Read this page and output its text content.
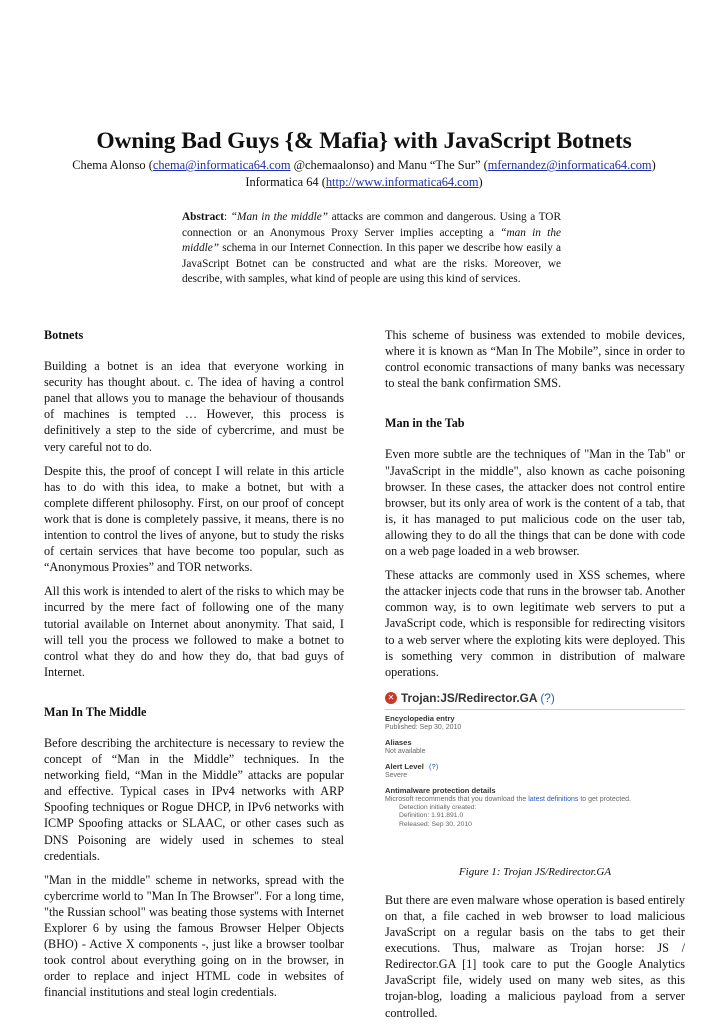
Owning Bad Guys {& Mafia} with JavaScript Botnets
Chema Alonso (chema@informatica64.com @chemaalonso) and Manu “The Sur” (mfernandez@informatica64.com)
Informatica 64 (http://www.informatica64.com)
Abstract: “Man in the middle” attacks are common and dangerous. Using a TOR connection or an Anonymous Proxy Server implies accepting a “man in the middle” schema in our Internet Connection. In this paper we describe how easily a JavaScript Botnet can be constructed and what are the risks. Moreover, we describe, with samples, what kind of people are using this kind of services.
Botnets

Building a botnet is an idea that everyone working in security has thought about. c. The idea of having a control panel that allows you to manage the behaviour of thousands of machines is tempted … However, this process is definitively a step to the side of cybercrime, and must be very careful not to do.

Despite this, the proof of concept I will relate in this article has to do with this idea, to make a botnet, but with a complete different philosophy. First, on our proof of concept work that is done is completely passive, it means, there is no intention to control the lives of anyone, but to study the risks of certain services that have become too popular, such as “Anonymous Proxies” and TOR networks.

All this work is intended to alert of the risks to which may be incurred by the mere fact of following one of the many tutorial available on Internet about anonymity. That said, I will tell you the process we followed to make a botnet to control what they do and how they do, that bad guys of Internet.

Man In The Middle

Before describing the architecture is necessary to review the concept of “Man in the Middle” techniques. In the networking field, “Man in the Middle” attacks are popular and effective. Typical cases in IPv4 networks with ARP Spoofing techniques or Rogue DHCP, in IPv6 networks with ICMP Spoofing attacks or SLAAC, or other cases such as DNS Poisoning are widely used in schemes to steal credentials.

"Man in the middle" scheme in networks, spread with the cybercrime world to "Man In The Browser". For a long time, "the Russian school" was beating those systems with Internet Explorer 6 by using the famous Browser Helper Objects (BHO) - Active X components -, just like a browser toolbar took control about everything going on in the browser, in order to replace and inject HTML code in websites of financial institutions and steal login credentials.

This scheme of business was extended to mobile devices, where it is known as “Man In The Mobile”, since in order to control economic transactions of many banks was necessary to steal the bank confirmation SMS.

Man in the Tab

Even more subtle are the techniques of "Man in the Tab" or "JavaScript in the middle", also known as cache poisoning browser. In these cases, the attacker does not control entire browser, but its only area of work is the content of a tab, that is, it has managed to put malicious code on the user tab, allowing they to do all the things that can be done with code on a web page loaded in a web browser.

These attacks are commonly used in XSS schemes, where the attacker injects code that runs in the browser tab. Another common way, is to own legitimate web servers to put a JavaScript code, which is responsible for redirecting visitors to a web server where the exploting kits were deployed. This is something very common in distribution of malware operations.

✕ Trojan:JS/Redirector.GA (?)
Encyclopedia entry
Published: Sep 30, 2010
Aliases
Not available
Alert Level (?)
Severe
Antimalware protection details
Microsoft recommends that you download the latest definitions to get protected.
Detection initially created:
Definition: 1.91.891.0
Released: Sep 30, 2010
Figure 1: Trojan JS/Redirector.GA

But there are even malware whose operation is based entirely on that, a file cached in web browser to load malicious JavaScript on a regular basis on the tabs to get their executions. Thus, malware as Trojan horse: JS / Redirector.GA [1] took care to put the Google Analytics JavaScript file, widely used on many web sites, as this trojan-blog, loading a malicious payload from a server controlled.
